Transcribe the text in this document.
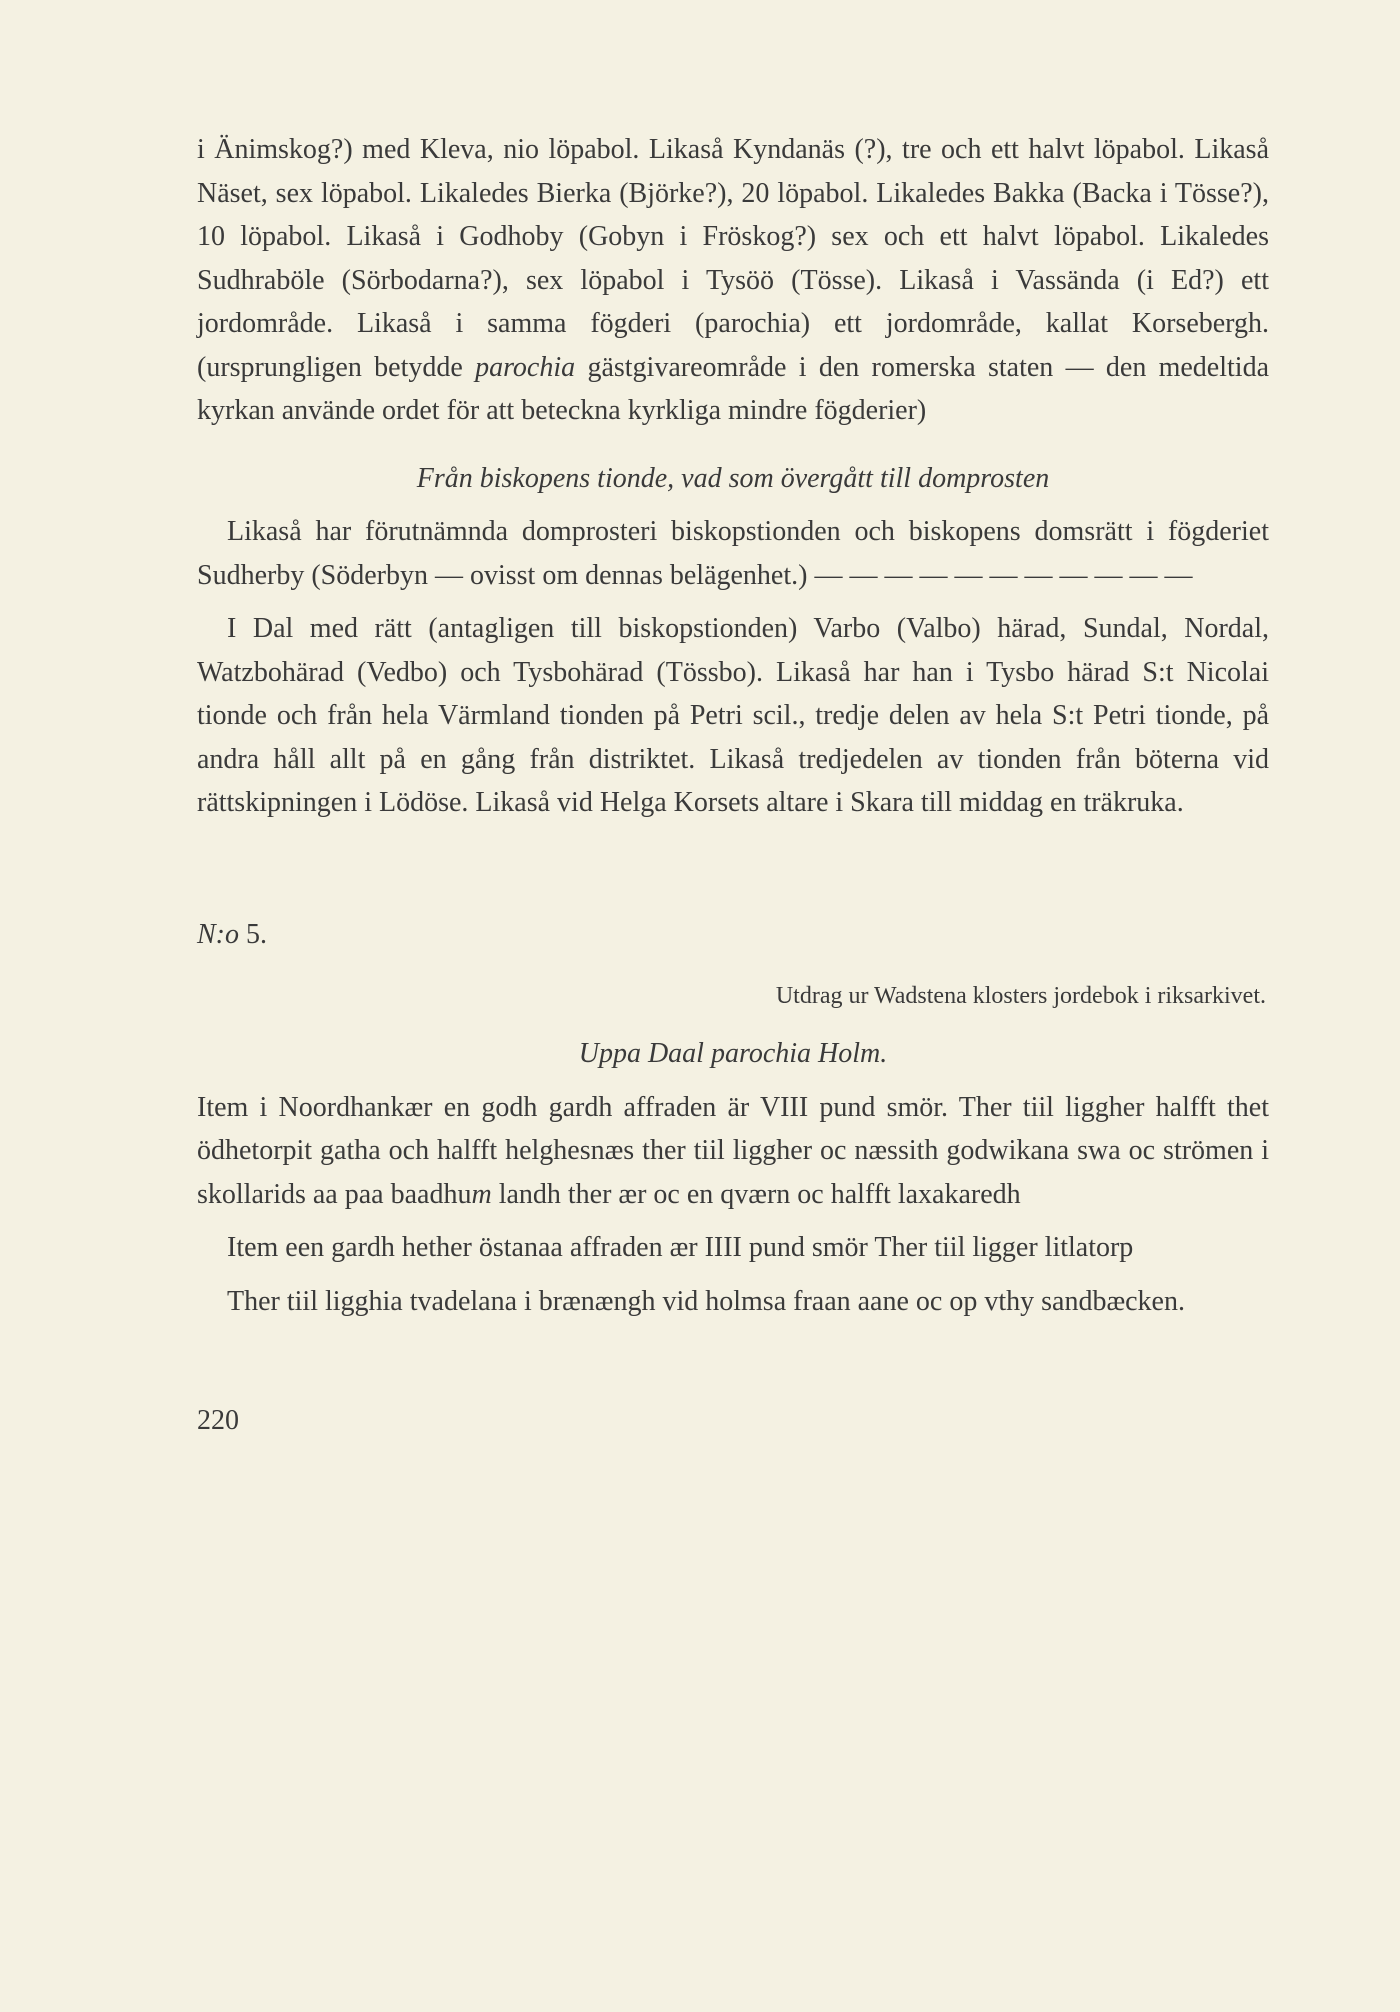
i Änimskog?) med Kleva, nio löpabol. Likaså Kyndanäs (?), tre och ett halvt löpabol. Likaså Näset, sex löpabol. Likaledes Bierka (Björke?), 20 löpabol. Likaledes Bakka (Backa i Tösse?), 10 löpabol. Likaså i Godhoby (Gobyn i Fröskog?) sex och ett halvt löpabol. Likaledes Sudhraböle (Sörbodarna?), sex löpabol i Tysöö (Tösse). Likaså i Vassända (i Ed?) ett jordområde. Likaså i samma fögderi (parochia) ett jordområde, kallat Korsebergh. (ursprungligen betydde parochia gästgivareområde i den romerska staten — den medeltida kyrkan använde ordet för att beteckna kyrkliga mindre fögderier)

Från biskopens tionde, vad som övergått till domprosten

Likaså har förutnämnda domprosteri biskopstionden och biskopens domsrätt i fögderiet Sudherby (Söderbyn — ovisst om dennas belägenhet.) — — — — — — — — — — —

I Dal med rätt (antagligen till biskopstionden) Varbo (Valbo) härad, Sundal, Nordal, Watzbohärad (Vedbo) och Tysbohärad (Tössbo). Likaså har han i Tysbo härad S:t Nicolai tionde och från hela Värmland tionden på Petri scil., tredje delen av hela S:t Petri tionde, på andra håll allt på en gång från distriktet. Likaså tredjedelen av tionden från böterna vid rättskipningen i Lödöse. Likaså vid Helga Korsets altare i Skara till middag en träkruka.

N:o 5.

Utdrag ur Wadstena klosters jordebok i riksarkivet.

Uppa Daal parochia Holm.

Item i Noordhankær en godh gardh affraden är VIII pund smör. Ther tiil liggher halfft thet ödhetorpit gatha och halfft helghesnæs ther tiil liggher oc næssith godwikana swa oc strömen i skollarids aa paa baadhum landh ther ær oc en qværn oc halfft laxakaredh

Item een gardh hether östanaa affraden ær IIII pund smör Ther tiil ligger litlatorp

Ther tiil ligghia tvadelana i brænængh vid holmsa fraan aane oc op vthy sandbæcken.

220
